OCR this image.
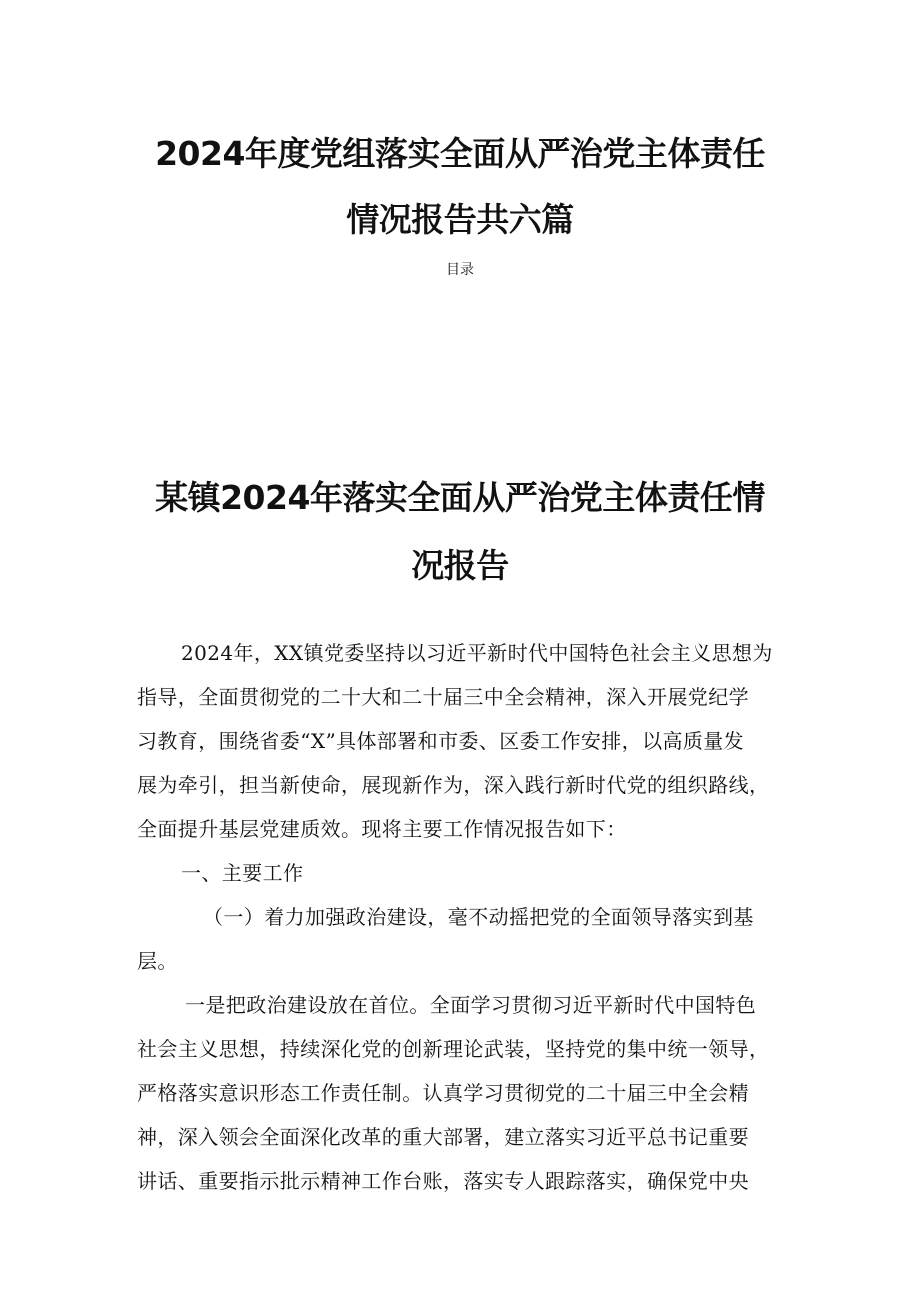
2024年度党组落实全面从严治党主体责任
情况报告共六篇
目录
某镇2024年落实全面从严治党主体责任情
况报告
2024年，XX镇党委坚持以习近平新时代中国特色社会主义思想为
指导，全面贯彻党的二十大和二十届三中全会精神，深入开展党纪学
习教育，围绕省委“X”具体部署和市委、区委工作安排，以高质量发
展为牵引，担当新使命，展现新作为，深入践行新时代党的组织路线，
全面提升基层党建质效。现将主要工作情况报告如下：
一、主要工作
（一）着力加强政治建设，毫不动摇把党的全面领导落实到基
层。
一是把政治建设放在首位。全面学习贯彻习近平新时代中国特色
社会主义思想，持续深化党的创新理论武装，坚持党的集中统一领导，
严格落实意识形态工作责任制。认真学习贯彻党的二十届三中全会精
神，深入领会全面深化改革的重大部署，建立落实习近平总书记重要
讲话、重要指示批示精神工作台账，落实专人跟踪落实，确保党中央
